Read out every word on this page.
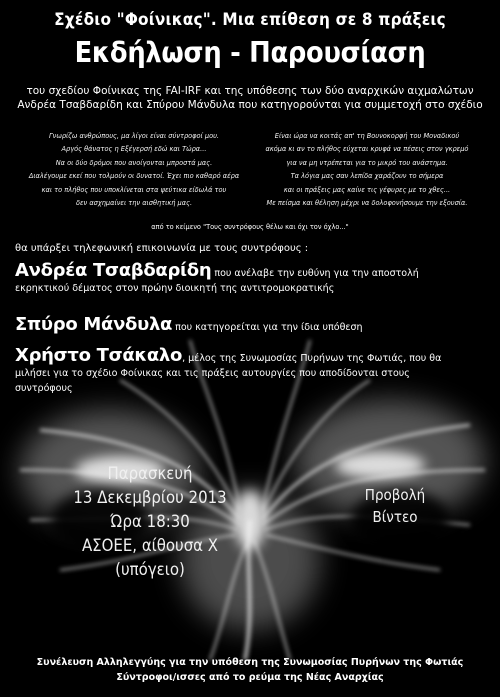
Σχέδιο "Φοίνικας". Μια επίθεση σε 8 πράξεις
Εκδήλωση - Παρουσίαση
του σχεδίου Φοίνικας της FAI-IRF και της υπόθεσης των δύο αναρχικών αιχμαλώτων
Ανδρέα Τσαβδαρίδη και Σπύρου Μάνδυλα που κατηγορούνται για συμμετοχή στο σχέδιο
Γνωρίζω ανθρώπους, μα λίγοι είναι σύντροφοί μου.
Αργός θάνατος η Εξέγερσή εδώ και Τώρα...
Να οι δύο δρόμοι που ανοίγονται μπροστά μας.
Διαλέγουμε εκεί που τολμούν οι δυνατοί. Έχει πιο καθαρό αέρα
και το πλήθος που υποκλίνεται στα ψεύτικα είδωλά του
δεν ασχημαίνει την αισθητική μας.
Είναι ώρα να κοιτάς απ' τη Βουνοκορφή του Μοναδικού
ακόμα κι αν το πλήθος εύχεται κρυφά να πέσεις στον γκρεμό
για να μη ντρέπεται για το μικρό του ανάστημα.
Τα λόγια μας σαν λεπίδα χαράζουν το σήμερα
και οι πράξεις μας καίνε τις γέφυρες με το χθες...
Με πείσμα και θέληση μέχρι να δολοφονήσουμε την εξουσία.
από το κείμενο "Τους συντρόφους θέλω και όχι τον όχλο..."
θα υπάρξει τηλεφωνική επικοινωνία με τους συντρόφους :
Ανδρέα Τσαβδαρίδη που ανέλαβε την ευθύνη για την αποστολή
εκρηκτικού δέματος στον πρώην διοικητή της αντιτρομοκρατικής
Σπύρο Μάνδυλα που κατηγορείται για την ίδια υπόθεση
Χρήστο Τσάκαλο, μέλος της Συνωμοσίας Πυρήνων της Φωτιάς, που θα
μιλήσει για το σχέδιο Φοίνικας και τις πράξεις αυτουργίες που αποδίδονται στους
συντρόφους
Παρασκευή
13 Δεκεμβρίου 2013
Ώρα 18:30
ΑΣΟΕΕ, αίθουσα Χ
(υπόγειο)
Προβολή
Βίντεο
Συνέλευση Αλληλεγγύης για την υπόθεση της Συνωμοσίας Πυρήνων της Φωτιάς
Σύντροφοι/ισσες από το ρεύμα της Νέας Αναρχίας
